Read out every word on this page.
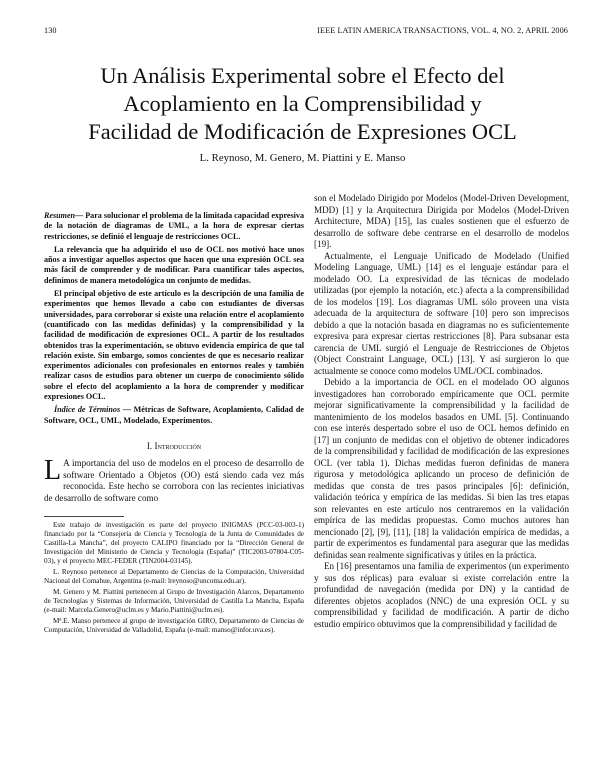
130	IEEE LATIN AMERICA TRANSACTIONS, VOL. 4, NO. 2, APRIL 2006
Un Análisis Experimental sobre el Efecto del
Acoplamiento en la Comprensibilidad y
Facilidad de Modificación de Expresiones OCL
L. Reynoso, M. Genero, M. Piattini y E. Manso

Resumen— Para solucionar el problema de la limitada capacidad expresiva de la notación de diagramas de UML, a la hora de expresar ciertas restricciones, se definió el lenguaje de restricciones OCL.

La relevancia que ha adquirido el uso de OCL nos motivó hace unos años a investigar aquellos aspectos que hacen que una expresión OCL sea más fácil de comprender y de modificar. Para cuantificar tales aspectos, definimos de manera metodológica un conjunto de medidas.

El principal objetivo de este artículo es la descripción de una familia de experimentos que hemos llevado a cabo con estudiantes de diversas universidades, para corroborar si existe una relación entre el acoplamiento (cuantificado con las medidas definidas) y la comprensibilidad y la facilidad de modificación de expresiones OCL. A partir de los resultados obtenidos tras la experimentación, se obtuvo evidencia empírica de que tal relación existe. Sin embargo, somos concientes de que es necesario realizar experimentos adicionales con profesionales en entornos reales y también realizar casos de estudios para obtener un cuerpo de conocimiento sólido sobre el efecto del acoplamiento a la hora de comprender y modificar expresiones OCL.

Índice de Términos — Métricas de Software, Acoplamiento, Calidad de Software, OCL, UML, Modelado, Experimentos.

I. Introducción

L A importancia del uso de modelos en el proceso de desarrollo de software Orientado a Objetos (OO) está siendo cada vez más reconocida. Este hecho se corrobora con las recientes iniciativas de desarrollo de software como

Este trabajo de investigación es parte del proyecto INIGMAS (PCC-03-003-1) financiado por la “Consejería de Ciencia y Tecnología de la Junta de Comunidades de Castilla-La Mancha”, del proyecto CALIPO financiado por la “Dirección General de Investigación del Ministerio de Ciencia y Tecnología (España)” (TIC2003-07804-C05-03), y el proyecto MEC-FEDER (TIN2004-03145).

L. Reynoso pertenece al Departamento de Ciencias de la Computación, Universidad Nacional del Comahue, Argentina (e-mail: lreynoso@uncoma.edu.ar).

M. Genero y M. Piattini pertenecen al Grupo de Investigación Alarcos, Departamento de Tecnologías y Sistemas de Información, Universidad de Castilla La Mancha, España (e-mail: Marcela.Genero@uclm.es y Mario.Piattini@uclm.es).

Mª.E. Manso pertenece al grupo de investigación GIRO, Departamento de Ciencias de Computación, Universidad de Valladolid, España (e-mail: manso@infor.uva.es).

son el Modelado Dirigido por Modelos (Model-Driven Development, MDD) [1] y la Arquitectura Dirigida por Modelos (Model-Driven Architecture, MDA) [15], las cuales sostienen que el esfuerzo de desarrollo de software debe centrarse en el desarrollo de modelos [19].

Actualmente, el Lenguaje Unificado de Modelado (Unified Modeling Language, UML) [14] es el lenguaje estándar para el modelado OO. La expresividad de las técnicas de modelado utilizadas (por ejemplo la notación, etc.) afecta a la comprensibilidad de los modelos [19]. Los diagramas UML sólo proveen una vista adecuada de la arquitectura de software [10] pero son imprecisos debido a que la notación basada en diagramas no es suficientemente expresiva para expresar ciertas restricciones [8]. Para subsanar esta carencia de UML surgió el Lenguaje de Restricciones de Objetos (Object Constraint Language, OCL) [13]. Y así surgieron lo que actualmente se conoce como modelos UML/OCL combinados.

Debido a la importancia de OCL en el modelado OO algunos investigadores han corroborado empíricamente que OCL permite mejorar significativamente la comprensibilidad y la facilidad de mantenimiento de los modelos basados en UML [5]. Continuando con ese interés despertado sobre el uso de OCL hemos definido en [17] un conjunto de medidas con el objetivo de obtener indicadores de la comprensibilidad y facilidad de modificación de las expresiones OCL (ver tabla 1). Dichas medidas fueron definidas de manera rigurosa y metodológica aplicando un proceso de definición de medidas que consta de tres pasos principales [6]: definición, validación teórica y empírica de las medidas. Si bien las tres etapas son relevantes en este artículo nos centraremos en la validación empírica de las medidas propuestas. Como muchos autores han mencionado [2], [9], [11], [18] la validación empírica de medidas, a partir de experimentos es fundamental para asegurar que las medidas definidas sean realmente significativas y útiles en la práctica.

En [16] presentamos una familia de experimentos (un experimento y sus dos réplicas) para evaluar si existe correlación entre la profundidad de navegación (medida por DN) y la cantidad de diferentes objetos acoplados (NNC) de una expresión OCL y su comprensibilidad y facilidad de modificación. A partir de dicho estudio empírico obtuvimos que la comprensibilidad y facilidad de
